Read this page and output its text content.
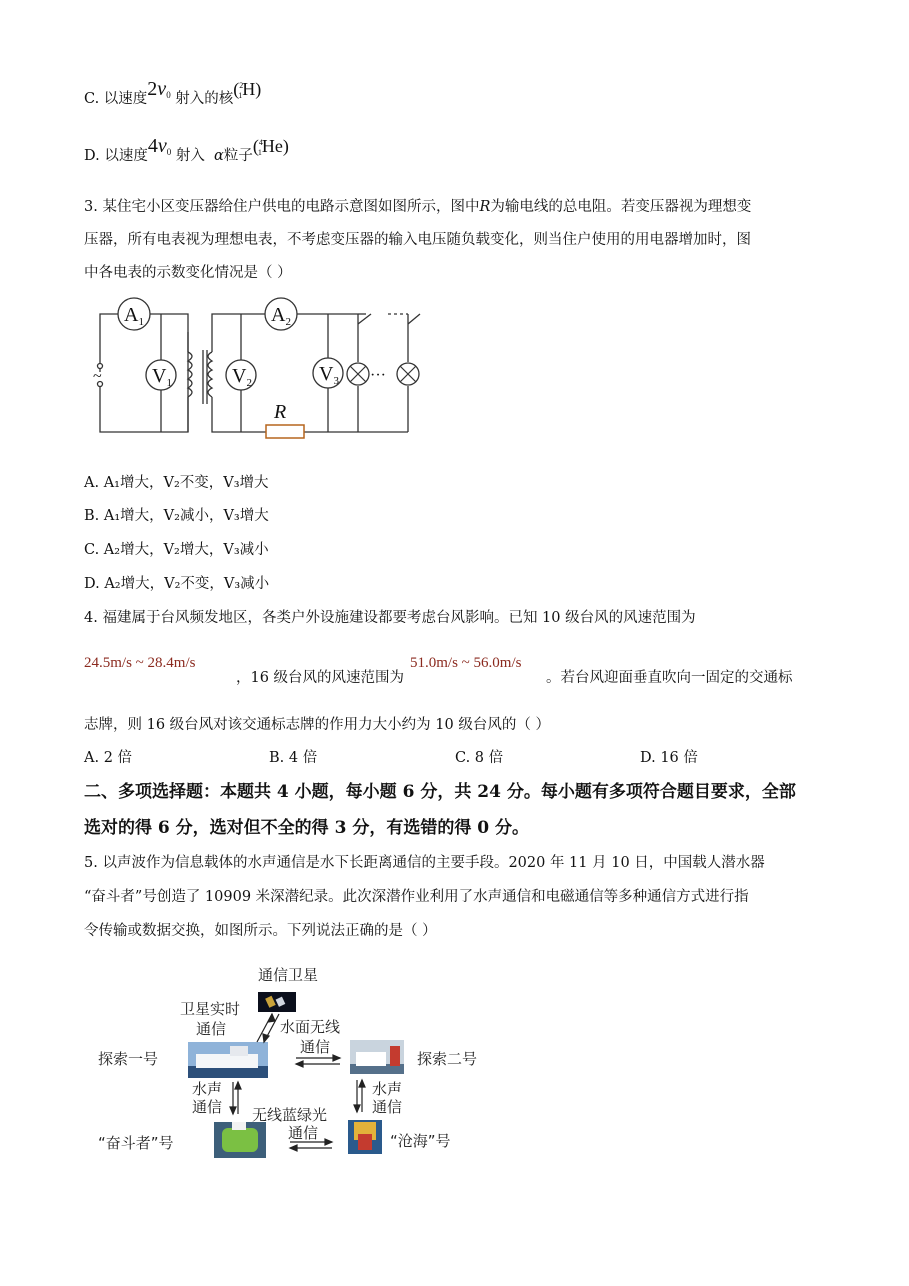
C. 以速度$2v_0$ 射入的核($^2$1H)
D. 以速度$4v_0$ 射入 α粒子($^4$1He)
3. 某住宅小区变压器给住户供电的电路示意图如图所示，图中R为输电线的总电阻。若变压器视为理想变
压器，所有电表视为理想电表，不考虑变压器的输入电压随负载变化，则当住户使用的用电器增加时，图
中各电表的示数变化情况是（ ）
$A_1$
$V_1$
$A_2$
$V_2$	$V_3$
R
~	···
A. A₁增大，V₂不变，V₃增大
B. A₁增大，V₂减小，V₃增大
C. A₂增大，V₂增大，V₃减小
D. A₂增大，V₂不变，V₃减小
4. 福建属于台风频发地区，各类户外设施建设都要考虑台风影响。已知 10 级台风的风速范围为
24.5m/s ~ 28.4m/s
，16 级台风的风速范围为
51.0m/s ~ 56.0m/s
。若台风迎面垂直吹向一固定的交通标
志牌，则 16 级台风对该交通标志牌的作用力大小约为 10 级台风的（ ）
A. 2 倍	B. 4 倍	C. 8 倍	D. 16 倍
二、多项选择题：本题共 4 小题，每小题 6 分，共 24 分。每小题有多项符合题目要求，全部
选对的得 6 分，选对但不全的得 3 分，有选错的得 0 分。
5. 以声波作为信息载体的水声通信是水下长距离通信的主要手段。2020 年 11 月 10 日，中国载人潜水器
“奋斗者”号创造了 10909 米深潜纪录。此次深潜作业利用了水声通信和电磁通信等多种通信方式进行指
令传输或数据交换，如图所示。下列说法正确的是（ ）
通信卫星
卫星实时
通信	水面无线
通信
探索一号	探索二号
水声
通信
水声
通信
无线蓝绿光
通信
“奋斗者”号	“沧海”号
